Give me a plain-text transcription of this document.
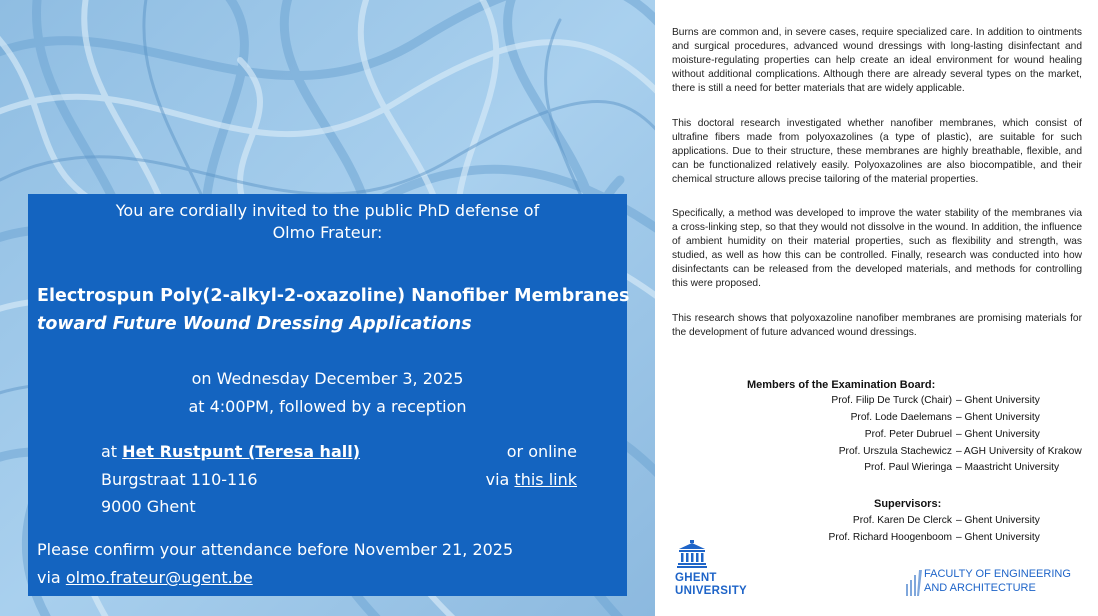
You are cordially invited to the public PhD defense of
Olmo Frateur:
Electrospun Poly(2-alkyl-2-oxazoline) Nanofiber Membranes
toward Future Wound Dressing Applications
on Wednesday December 3, 2025
at 4:00PM, followed by a reception
at Het Rustpunt (Teresa hall)
Burgstraat 110-116
9000 Ghent
or online
via this link
Please confirm your attendance before November 21, 2025
via olmo.frateur@ugent.be

Burns are common and, in severe cases, require specialized care. In addition to ointments and surgical procedures, advanced wound dressings with long-lasting disinfectant and moisture-regulating properties can help create an ideal environment for wound healing without additional complications. Although there are already several types on the market, there is still a need for better materials that are widely applicable.

This doctoral research investigated whether nanofiber membranes, which consist of ultrafine fibers made from polyoxazolines (a type of plastic), are suitable for such applications. Due to their structure, these membranes are highly breathable, flexible, and can be functionalized relatively easily. Polyoxazolines are also biocompatible, and their chemical structure allows precise tailoring of the material properties.

Specifically, a method was developed to improve the water stability of the membranes via a cross-linking step, so that they would not dissolve in the wound. In addition, the influence of ambient humidity on their material properties, such as flexibility and strength, was studied, as well as how this can be controlled. Finally, research was conducted into how disinfectants can be released from the developed materials, and methods for controlling this were proposed.

This research shows that polyoxazoline nanofiber membranes are promising materials for the development of future advanced wound dressings.

Members of the Examination Board:
Prof. Filip De Turck (Chair) – Ghent University
Prof. Lode Daelemans – Ghent University
Prof. Peter Dubruel – Ghent University
Prof. Urszula Stachewicz – AGH University of Krakow
Prof. Paul Wieringa – Maastricht University
Supervisors:
Prof. Karen De Clerck – Ghent University
Prof. Richard Hoogenboom – Ghent University
GHENT
UNIVERSITY
FACULTY OF ENGINEERING
AND ARCHITECTURE
